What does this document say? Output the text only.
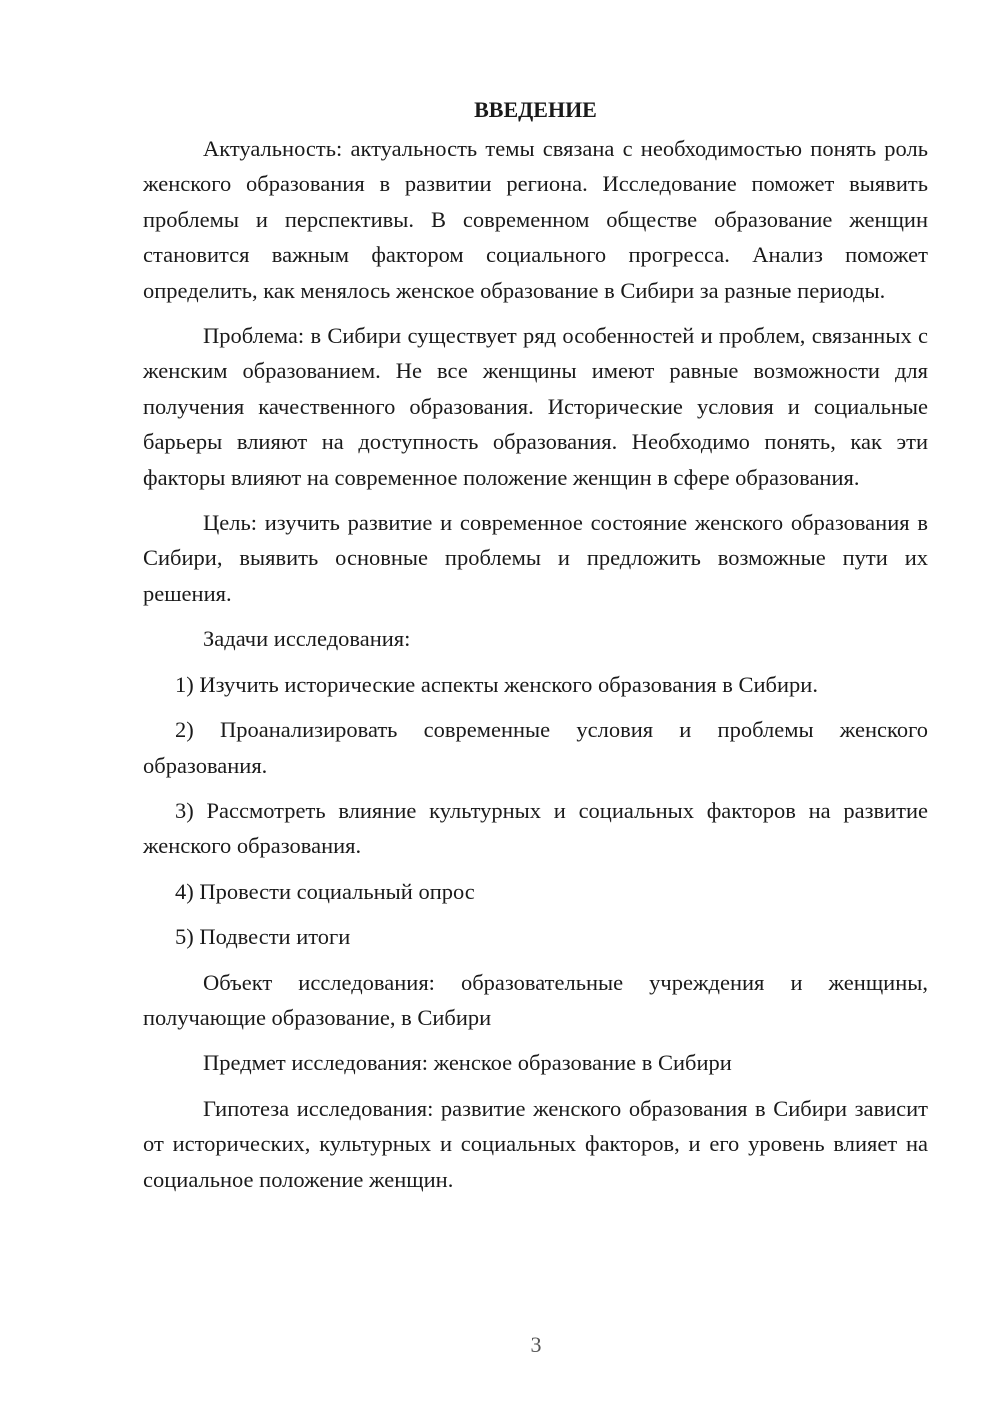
ВВЕДЕНИЕ

Актуальность: актуальность темы связана с необходимостью понять роль женского образования в развитии региона. Исследование поможет выявить проблемы и перспективы. В современном обществе образование женщин становится важным фактором социального прогресса. Анализ поможет определить, как менялось женское образование в Сибири за разные периоды.

Проблема: в Сибири существует ряд особенностей и проблем, связанных с женским образованием. Не все женщины имеют равные возможности для получения качественного образования. Исторические условия и социальные барьеры влияют на доступность образования. Необходимо понять, как эти факторы влияют на современное положение женщин в сфере образования.

Цель: изучить развитие и современное состояние женского образования в Сибири, выявить основные проблемы и предложить возможные пути их решения.

Задачи исследования:

1) Изучить исторические аспекты женского образования в Сибири.

2) Проанализировать современные условия и проблемы женского образования.

3) Рассмотреть влияние культурных и социальных факторов на развитие женского образования.

4) Провести социальный опрос

5) Подвести итоги

Объект исследования: образовательные учреждения и женщины, получающие образование, в Сибири

Предмет исследования: женское образование в Сибири

Гипотеза исследования: развитие женского образования в Сибири зависит от исторических, культурных и социальных факторов, и его уровень влияет на социальное положение женщин.

3
